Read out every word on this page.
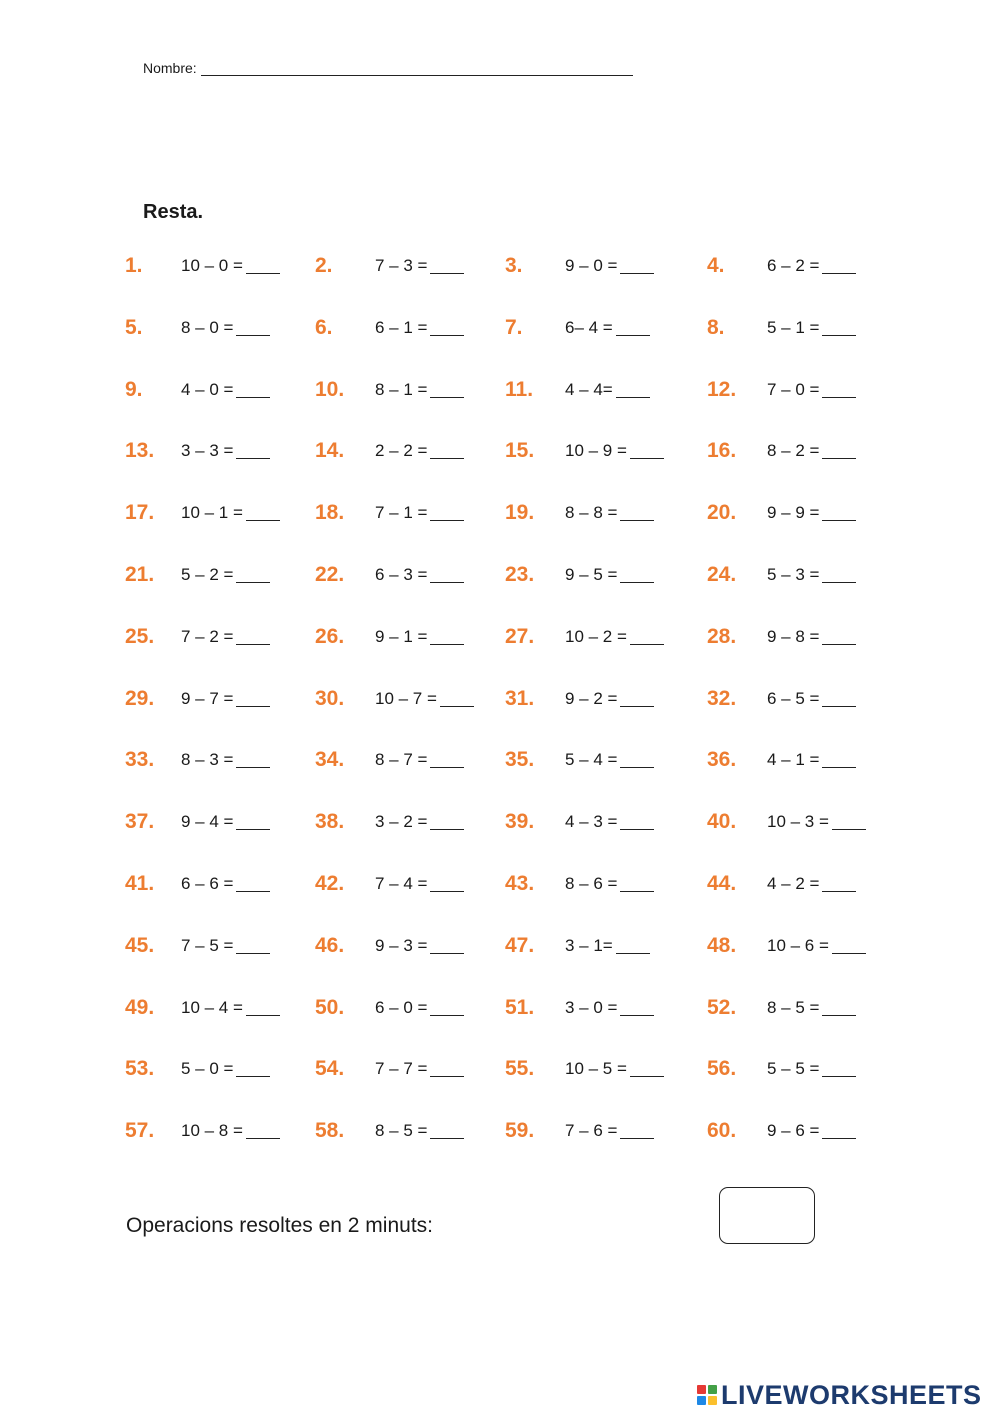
Nombre:
Resta.
1. 10 – 0 =	2. 7 – 3 =	3. 9 – 0 =	4. 6 – 2 =
5. 8 – 0 =	6. 6 – 1 =	7. 6– 4 =	8. 5 – 1 =
9. 4 – 0 =	10. 8 – 1 =	11. 4 – 4=	12. 7 – 0 =
13. 3 – 3 =	14. 2 – 2 =	15. 10 – 9 =	16. 8 – 2 =
17. 10 – 1 =	18. 7 – 1 =	19. 8 – 8 =	20. 9 – 9 =
21. 5 – 2 =	22. 6 – 3 =	23. 9 – 5 =	24. 5 – 3 =
25. 7 – 2 =	26. 9 – 1 =	27. 10 – 2 =	28. 9 – 8 =
29. 9 – 7 =	30. 10 – 7 =	31. 9 – 2 =	32. 6 – 5 =
33. 8 – 3 =	34. 8 – 7 =	35. 5 – 4 =	36. 4 – 1 =
37. 9 – 4 =	38. 3 – 2 =	39. 4 – 3 =	40. 10 – 3 =
41. 6 – 6 =	42. 7 – 4 =	43. 8 – 6 =	44. 4 – 2 =
45. 7 – 5 =	46. 9 – 3 =	47. 3 – 1=	48. 10 – 6 =
49. 10 – 4 =	50. 6 – 0 =	51. 3 – 0 =	52. 8 – 5 =
53. 5 – 0 =	54. 7 – 7 =	55. 10 – 5 =	56. 5 – 5 =
57. 10 – 8 =	58. 8 – 5 =	59. 7 – 6 =	60. 9 – 6 =
Operacions resoltes en 2 minuts:
LIVEWORKSHEETS
